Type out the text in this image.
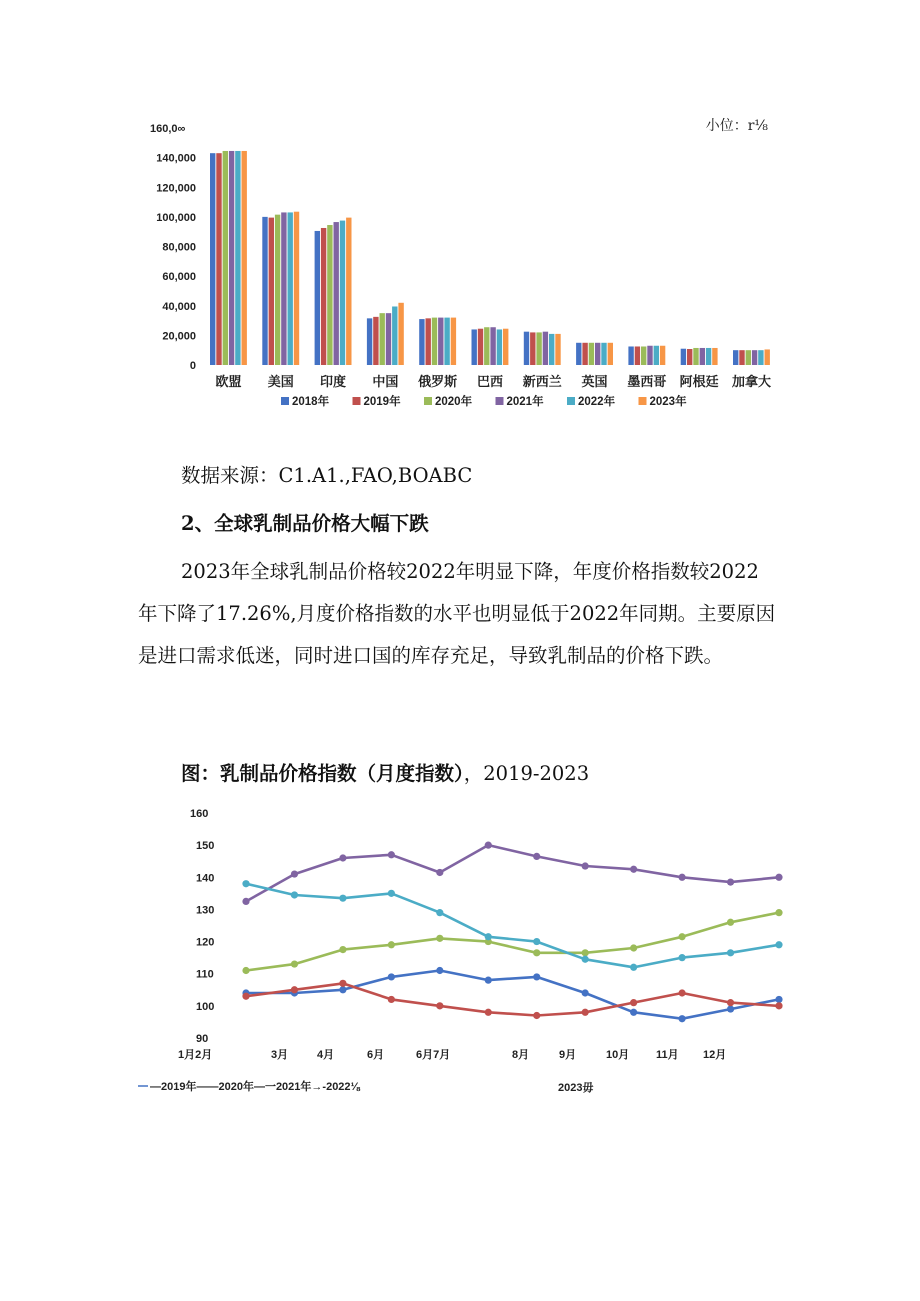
小位：r⅛
160,0∞
0
20,000
40,000
60,000
80,000
100,000
120,000
140,000
欧盟 美国 印度 中国 俄罗斯 巴西 新西兰 英国 墨西哥 阿根廷 加拿大
2018年	2019年	2020年	2021年	2022年	2023年
数据来源：C1.A1.,FAO,BOABC
2、全球乳制品价格大幅下跌

2023年全球乳制品价格较2022年明显下降，年度价格指数较2022年下降了17.26%,月度价格指数的水平也明显低于2022年同期。主要原因是进口需求低迷，同时进口国的库存充足，导致乳制品的价格下跌。

图：乳制品价格指数（月度指数），2019-2023
90
100
110
120
130
140
150
160
1月2月	3月	4月	6月	6月7月	8月	9月	10月 11月 12月
—2019年——2020年—一2021年→-2022⅛	2023毋
